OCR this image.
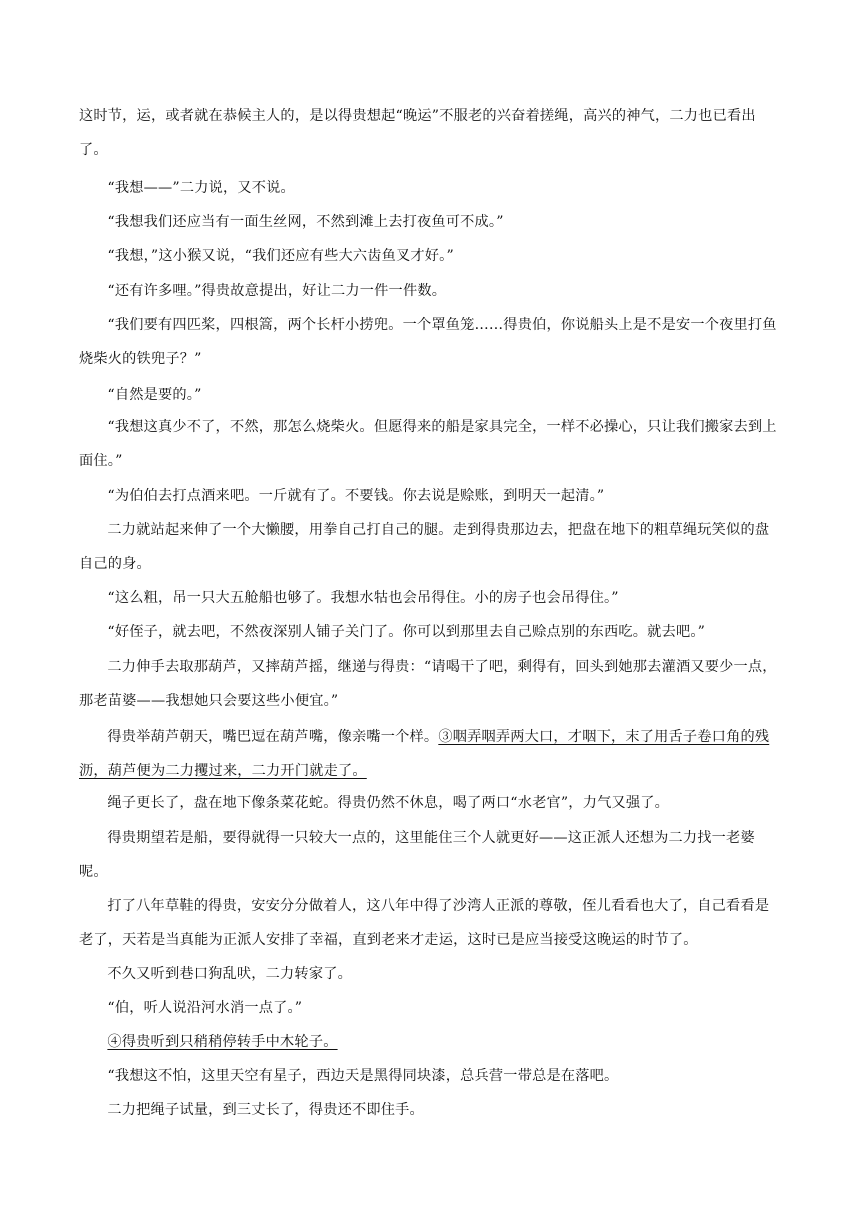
这时节，运，或者就在恭候主人的，是以得贵想起“晚运”不服老的兴奋着搓绳，高兴的神气，二力也已看出了。

“我想——”二力说，又不说。

“我想我们还应当有一面生丝网，不然到滩上去打夜鱼可不成。”

“我想，”这小猴又说，“我们还应有些大六齿鱼叉才好。”

“还有许多哩。”得贵故意提出，好让二力一件一件数。

“我们要有四匹桨，四根篙，两个长杆小捞兜。一个罩鱼笼……得贵伯，你说船头上是不是安一个夜里打鱼烧柴火的铁兜子？”

“自然是要的。”

“我想这真少不了，不然，那怎么烧柴火。但愿得来的船是家具完全，一样不必操心，只让我们搬家去到上面住。”

“为伯伯去打点酒来吧。一斤就有了。不要钱。你去说是赊账，到明天一起清。”

二力就站起来伸了一个大懒腰，用拳自己打自己的腿。走到得贵那边去，把盘在地下的粗草绳玩笑似的盘自己的身。

“这么粗，吊一只大五舱船也够了。我想水牯也会吊得住。小的房子也会吊得住。”

“好侄子，就去吧，不然夜深别人铺子关门了。你可以到那里去自己赊点别的东西吃。就去吧。”

二力伸手去取那葫芦，又摔葫芦摇，继递与得贵：“请喝干了吧，剩得有，回头到她那去灌酒又要少一点，那老苗婆——我想她只会要这些小便宜。”

得贵举葫芦朝天，嘴巴逗在葫芦嘴，像亲嘴一个样。③咽弄咽弄两大口，才咽下，末了用舌子卷口角的残沥，葫芦便为二力攫过来，二力开门就走了。

绳子更长了，盘在地下像条菜花蛇。得贵仍然不休息，喝了两口“水老官”，力气又强了。

得贵期望若是船，要得就得一只较大一点的，这里能住三个人就更好——这正派人还想为二力找一老婆呢。

打了八年草鞋的得贵，安安分分做着人，这八年中得了沙湾人正派的尊敬，侄儿看看也大了，自己看看是老了，天若是当真能为正派人安排了幸福，直到老来才走运，这时已是应当接受这晚运的时节了。

不久又听到巷口狗乱吠，二力转家了。

“伯，听人说沿河水消一点了。”

④得贵听到只稍稍停转手中木轮子。

“我想这不怕，这里天空有星子，西边天是黑得同块漆，总兵营一带总是在落吧。

二力把绳子试量，到三丈长了，得贵还不即住手。
